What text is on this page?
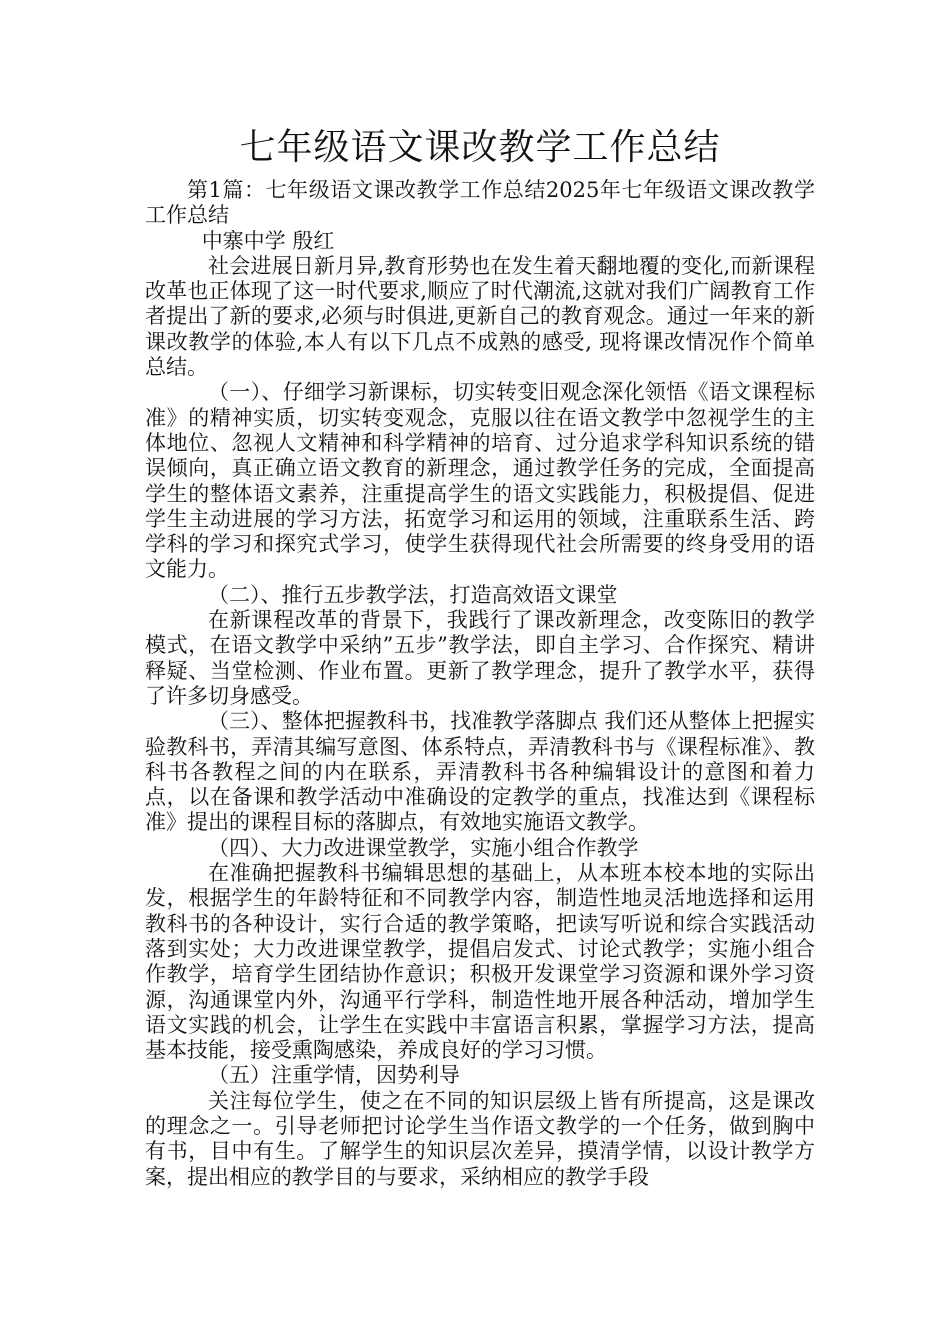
七年级语文课改教学工作总结

第1篇：七年级语文课改教学工作总结2025年七年级语文课改教学工作总结

中寨中学 殷红

社会进展日新月异,教育形势也在发生着天翻地覆的变化,而新课程改革也正体现了这一时代要求,顺应了时代潮流,这就对我们广阔教育工作者提出了新的要求,必须与时俱进,更新自己的教育观念。通过一年来的新课改教学的体验,本人有以下几点不成熟的感受, 现将课改情况作个简单总结。

（一）、仔细学习新课标，切实转变旧观念深化领悟《语文课程标准》的精神实质，切实转变观念，克服以往在语文教学中忽视学生的主体地位、忽视人文精神和科学精神的培育、过分追求学科知识系统的错误倾向，真正确立语文教育的新理念，通过教学任务的完成，全面提高学生的整体语文素养，注重提高学生的语文实践能力，积极提倡、促进学生主动进展的学习方法，拓宽学习和运用的领域，注重联系生活、跨学科的学习和探究式学习，使学生获得现代社会所需要的终身受用的语文能力。

（二）、推行五步教学法，打造高效语文课堂

在新课程改革的背景下，我践行了课改新理念，改变陈旧的教学模式，在语文教学中采纳”五步”教学法，即自主学习、合作探究、精讲释疑、当堂检测、作业布置。更新了教学理念，提升了教学水平，获得了许多切身感受。

（三）、整体把握教科书，找准教学落脚点 我们还从整体上把握实验教科书，弄清其编写意图、体系特点，弄清教科书与《课程标准》、教科书各教程之间的内在联系，弄清教科书各种编辑设计的意图和着力点，以在备课和教学活动中准确设的定教学的重点，找准达到《课程标准》提出的课程目标的落脚点，有效地实施语文教学。

（四）、大力改进课堂教学，实施小组合作教学

在准确把握教科书编辑思想的基础上，从本班本校本地的实际出发，根据学生的年龄特征和不同教学内容，制造性地灵活地选择和运用教科书的各种设计，实行合适的教学策略，把读写听说和综合实践活动落到实处；大力改进课堂教学，提倡启发式、讨论式教学；实施小组合作教学，培育学生团结协作意识；积极开发课堂学习资源和课外学习资源，沟通课堂内外，沟通平行学科，制造性地开展各种活动，增加学生语文实践的机会，让学生在实践中丰富语言积累，掌握学习方法，提高基本技能，接受熏陶感染，养成良好的学习习惯。

（五）注重学情，因势利导

关注每位学生，使之在不同的知识层级上皆有所提高，这是课改的理念之一。引导老师把讨论学生当作语文教学的一个任务，做到胸中有书，目中有生。了解学生的知识层次差异，摸清学情，以设计教学方案，提出相应的教学目的与要求，采纳相应的教学手段
